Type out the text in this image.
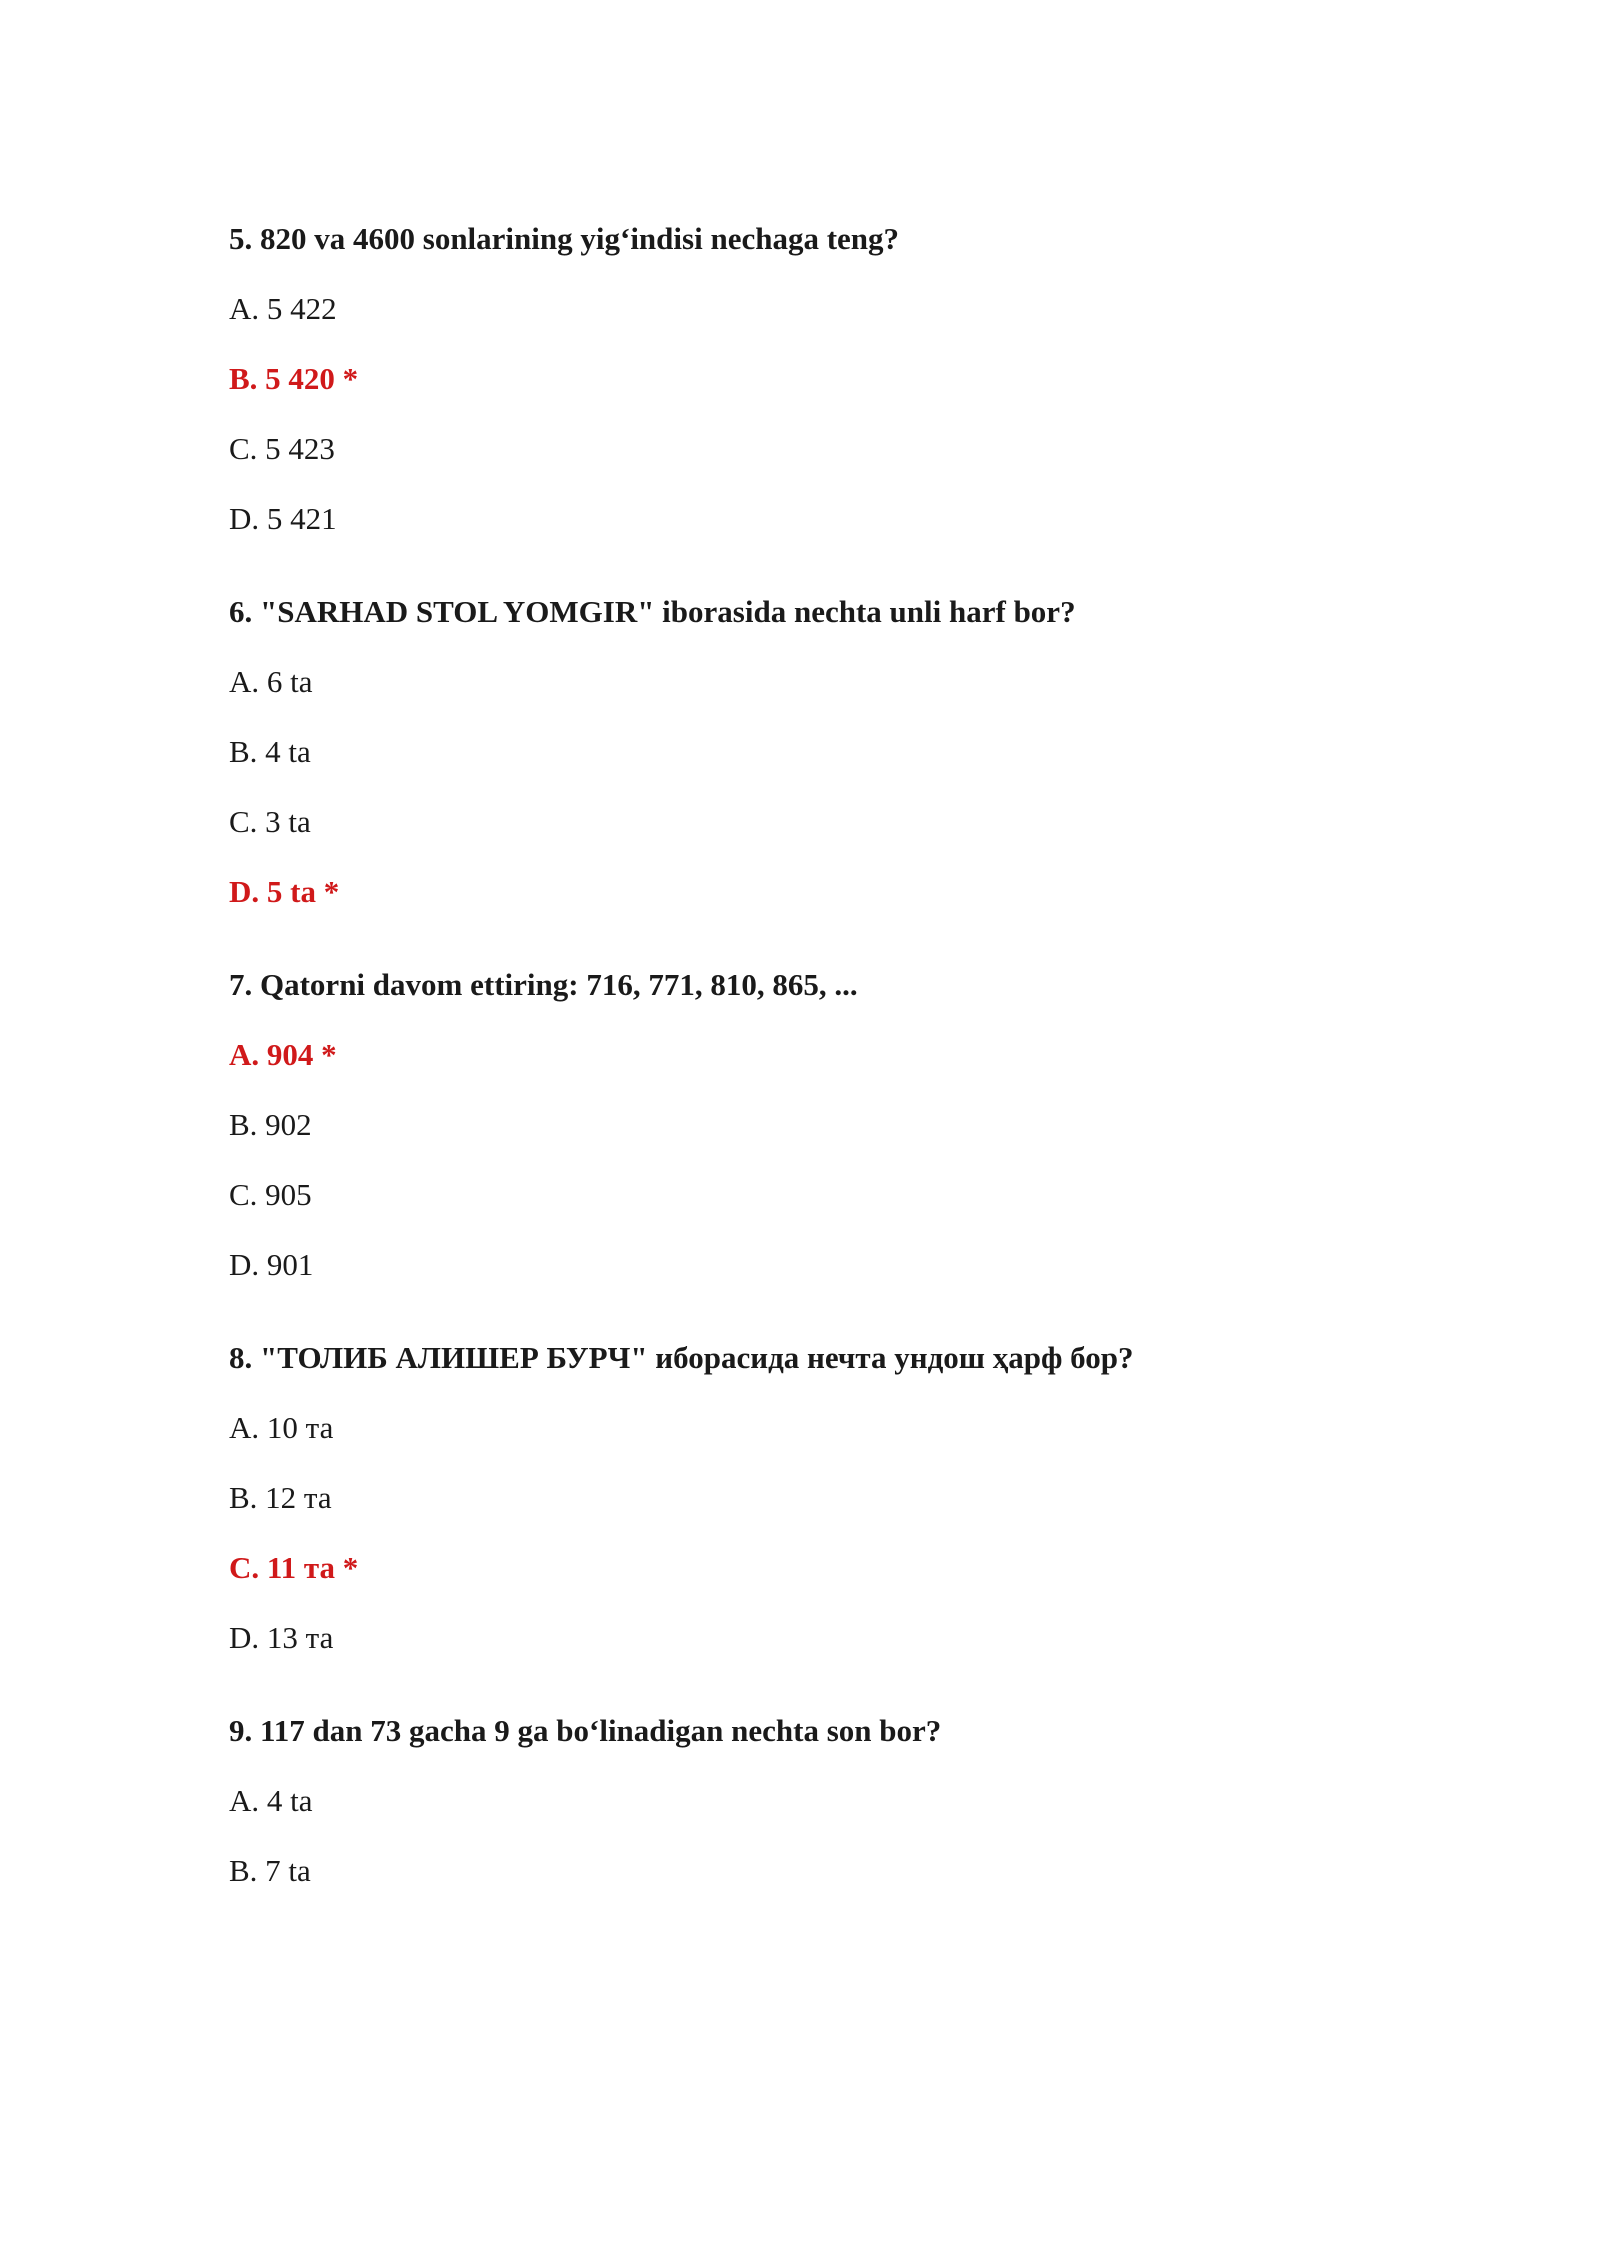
5. 820 va 4600 sonlarining yig‘indisi nechaga teng?
A. 5 422
B. 5 420 *
C. 5 423
D. 5 421
6. "SARHAD STOL YOMGIR" iborasida nechta unli harf bor?
A. 6 ta
B. 4 ta
C. 3 ta
D. 5 ta *
7. Qatorni davom ettiring: 716, 771, 810, 865, ...
A. 904 *
B. 902
C. 905
D. 901
8. "ТОЛИБ АЛИШЕР БУРЧ" иборасида нечта ундош ҳарф бор?
A. 10 та
B. 12 та
C. 11 та *
D. 13 та
9. 117 dan 73 gacha 9 ga bo‘linadigan nechta son bor?
A. 4 ta
B. 7 ta
